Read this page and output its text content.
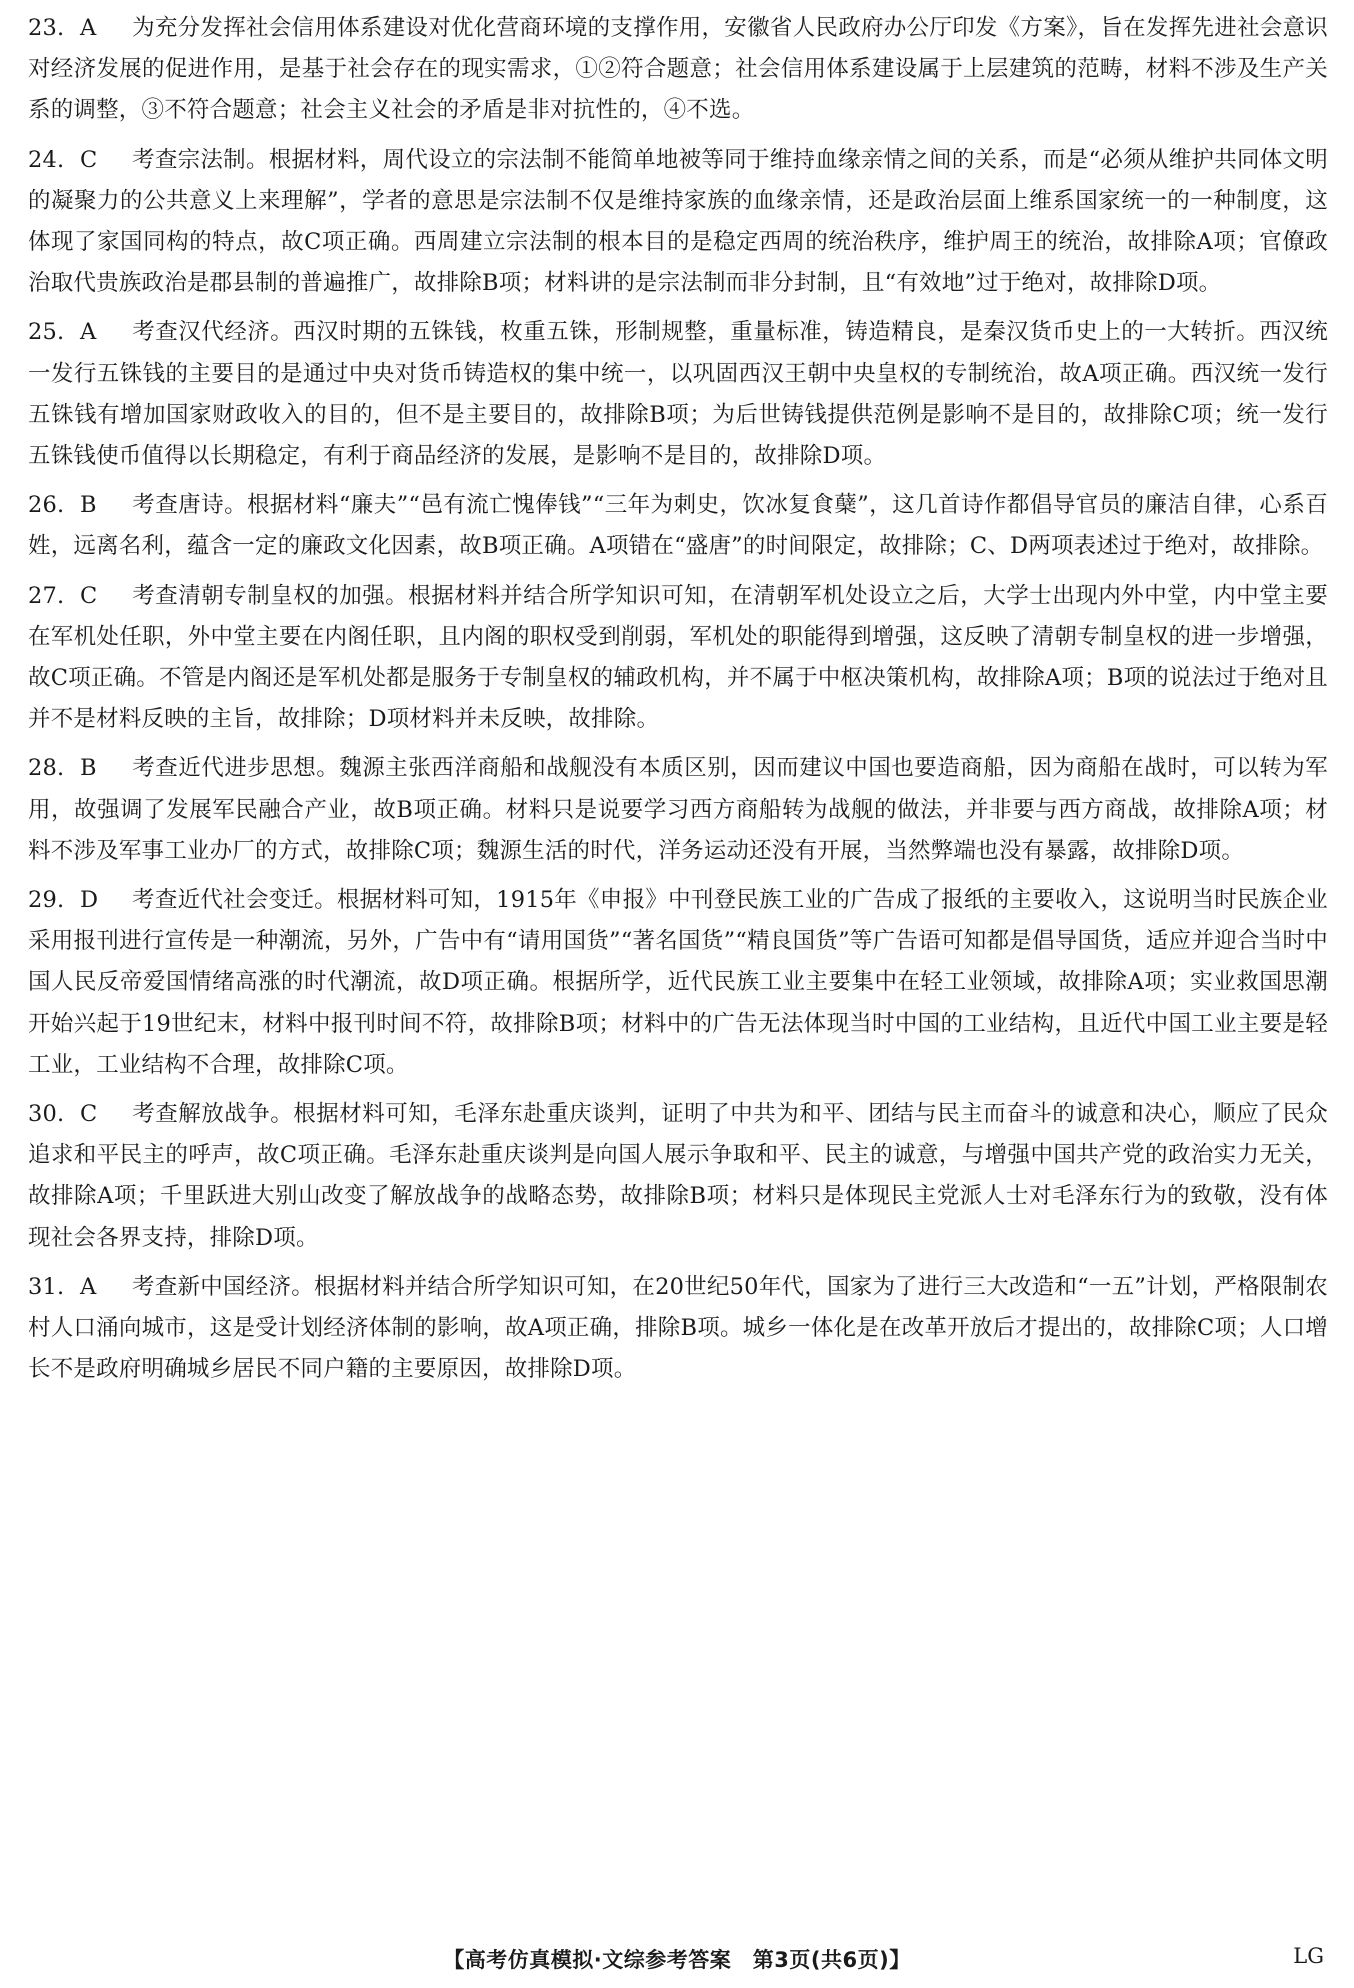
23. A 为充分发挥社会信用体系建设对优化营商环境的支撑作用，安徽省人民政府办公厅印发《方案》，旨在发挥先进社会意识对经济发展的促进作用，是基于社会存在的现实需求，①②符合题意；社会信用体系建设属于上层建筑的范畴，材料不涉及生产关系的调整，③不符合题意；社会主义社会的矛盾是非对抗性的，④不选。

24. C 考查宗法制。根据材料，周代设立的宗法制不能简单地被等同于维持血缘亲情之间的关系，而是“必须从维护共同体文明的凝聚力的公共意义上来理解”，学者的意思是宗法制不仅是维持家族的血缘亲情，还是政治层面上维系国家统一的一种制度，这体现了家国同构的特点，故C项正确。西周建立宗法制的根本目的是稳定西周的统治秩序，维护周王的统治，故排除A项；官僚政治取代贵族政治是郡县制的普遍推广，故排除B项；材料讲的是宗法制而非分封制，且“有效地”过于绝对，故排除D项。

25. A 考查汉代经济。西汉时期的五铢钱，枚重五铢，形制规整，重量标准，铸造精良，是秦汉货币史上的一大转折。西汉统一发行五铢钱的主要目的是通过中央对货币铸造权的集中统一，以巩固西汉王朝中央皇权的专制统治，故A项正确。西汉统一发行五铢钱有增加国家财政收入的目的，但不是主要目的，故排除B项；为后世铸钱提供范例是影响不是目的，故排除C项；统一发行五铢钱使币值得以长期稳定，有利于商品经济的发展，是影响不是目的，故排除D项。

26. B 考查唐诗。根据材料“廉夫”“邑有流亡愧俸钱”“三年为刺史，饮冰复食蘖”，这几首诗作都倡导官员的廉洁自律，心系百姓，远离名利，蕴含一定的廉政文化因素，故B项正确。A项错在“盛唐”的时间限定，故排除；C、D两项表述过于绝对，故排除。

27. C 考查清朝专制皇权的加强。根据材料并结合所学知识可知，在清朝军机处设立之后，大学士出现内外中堂，内中堂主要在军机处任职，外中堂主要在内阁任职，且内阁的职权受到削弱，军机处的职能得到增强，这反映了清朝专制皇权的进一步增强，故C项正确。不管是内阁还是军机处都是服务于专制皇权的辅政机构，并不属于中枢决策机构，故排除A项；B项的说法过于绝对且并不是材料反映的主旨，故排除；D项材料并未反映，故排除。

28. B 考查近代进步思想。魏源主张西洋商船和战舰没有本质区别，因而建议中国也要造商船，因为商船在战时，可以转为军用，故强调了发展军民融合产业，故B项正确。材料只是说要学习西方商船转为战舰的做法，并非要与西方商战，故排除A项；材料不涉及军事工业办厂的方式，故排除C项；魏源生活的时代，洋务运动还没有开展，当然弊端也没有暴露，故排除D项。

29. D 考查近代社会变迁。根据材料可知，1915年《申报》中刊登民族工业的广告成了报纸的主要收入，这说明当时民族企业采用报刊进行宣传是一种潮流，另外，广告中有“请用国货”“著名国货”“精良国货”等广告语可知都是倡导国货，适应并迎合当时中国人民反帝爱国情绪高涨的时代潮流，故D项正确。根据所学，近代民族工业主要集中在轻工业领域，故排除A项；实业救国思潮开始兴起于19世纪末，材料中报刊时间不符，故排除B项；材料中的广告无法体现当时中国的工业结构，且近代中国工业主要是轻工业，工业结构不合理，故排除C项。

30. C 考查解放战争。根据材料可知，毛泽东赴重庆谈判，证明了中共为和平、团结与民主而奋斗的诚意和决心，顺应了民众追求和平民主的呼声，故C项正确。毛泽东赴重庆谈判是向国人展示争取和平、民主的诚意，与增强中国共产党的政治实力无关，故排除A项；千里跃进大别山改变了解放战争的战略态势，故排除B项；材料只是体现民主党派人士对毛泽东行为的致敬，没有体现社会各界支持，排除D项。

31. A 考查新中国经济。根据材料并结合所学知识可知，在20世纪50年代，国家为了进行三大改造和“一五”计划，严格限制农村人口涌向城市，这是受计划经济体制的影响，故A项正确，排除B项。城乡一体化是在改革开放后才提出的，故排除C项；人口增长不是政府明确城乡居民不同户籍的主要原因，故排除D项。

【高考仿真模拟·文综参考答案　第3页(共6页)】	LG
